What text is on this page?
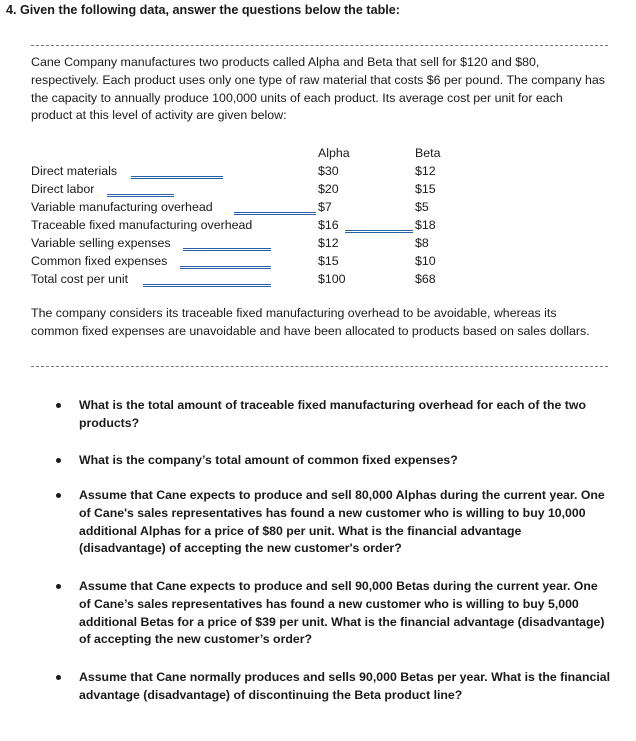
4. Given the following data, answer the questions below the table:

Cane Company manufactures two products called Alpha and Beta that sell for $120 and $80, respectively. Each product uses only one type of raw material that costs $6 per pound. The company has the capacity to annually produce 100,000 units of each product. Its average cost per unit for each product at this level of activity are given below:

Alpha	Beta
Direct materials	$30	$12
Direct labor	$20	$15
Variable manufacturing overhead	$7	$5
Traceable fixed manufacturing overhead	$16	$18
Variable selling expenses	$12	$8
Common fixed expenses	$15	$10
Total cost per unit	$100	$68

The company considers its traceable fixed manufacturing overhead to be avoidable, whereas its common fixed expenses are unavoidable and have been allocated to products based on sales dollars.

What is the total amount of traceable fixed manufacturing overhead for each of the two products?
What is the company’s total amount of common fixed expenses?
Assume that Cane expects to produce and sell 80,000 Alphas during the current year. One of Cane's sales representatives has found a new customer who is willing to buy 10,000 additional Alphas for a price of $80 per unit. What is the financial advantage (disadvantage) of accepting the new customer's order?
Assume that Cane expects to produce and sell 90,000 Betas during the current year. One of Cane’s sales representatives has found a new customer who is willing to buy 5,000 additional Betas for a price of $39 per unit. What is the financial advantage (disadvantage) of accepting the new customer’s order?
Assume that Cane normally produces and sells 90,000 Betas per year. What is the financial advantage (disadvantage) of discontinuing the Beta product line?
